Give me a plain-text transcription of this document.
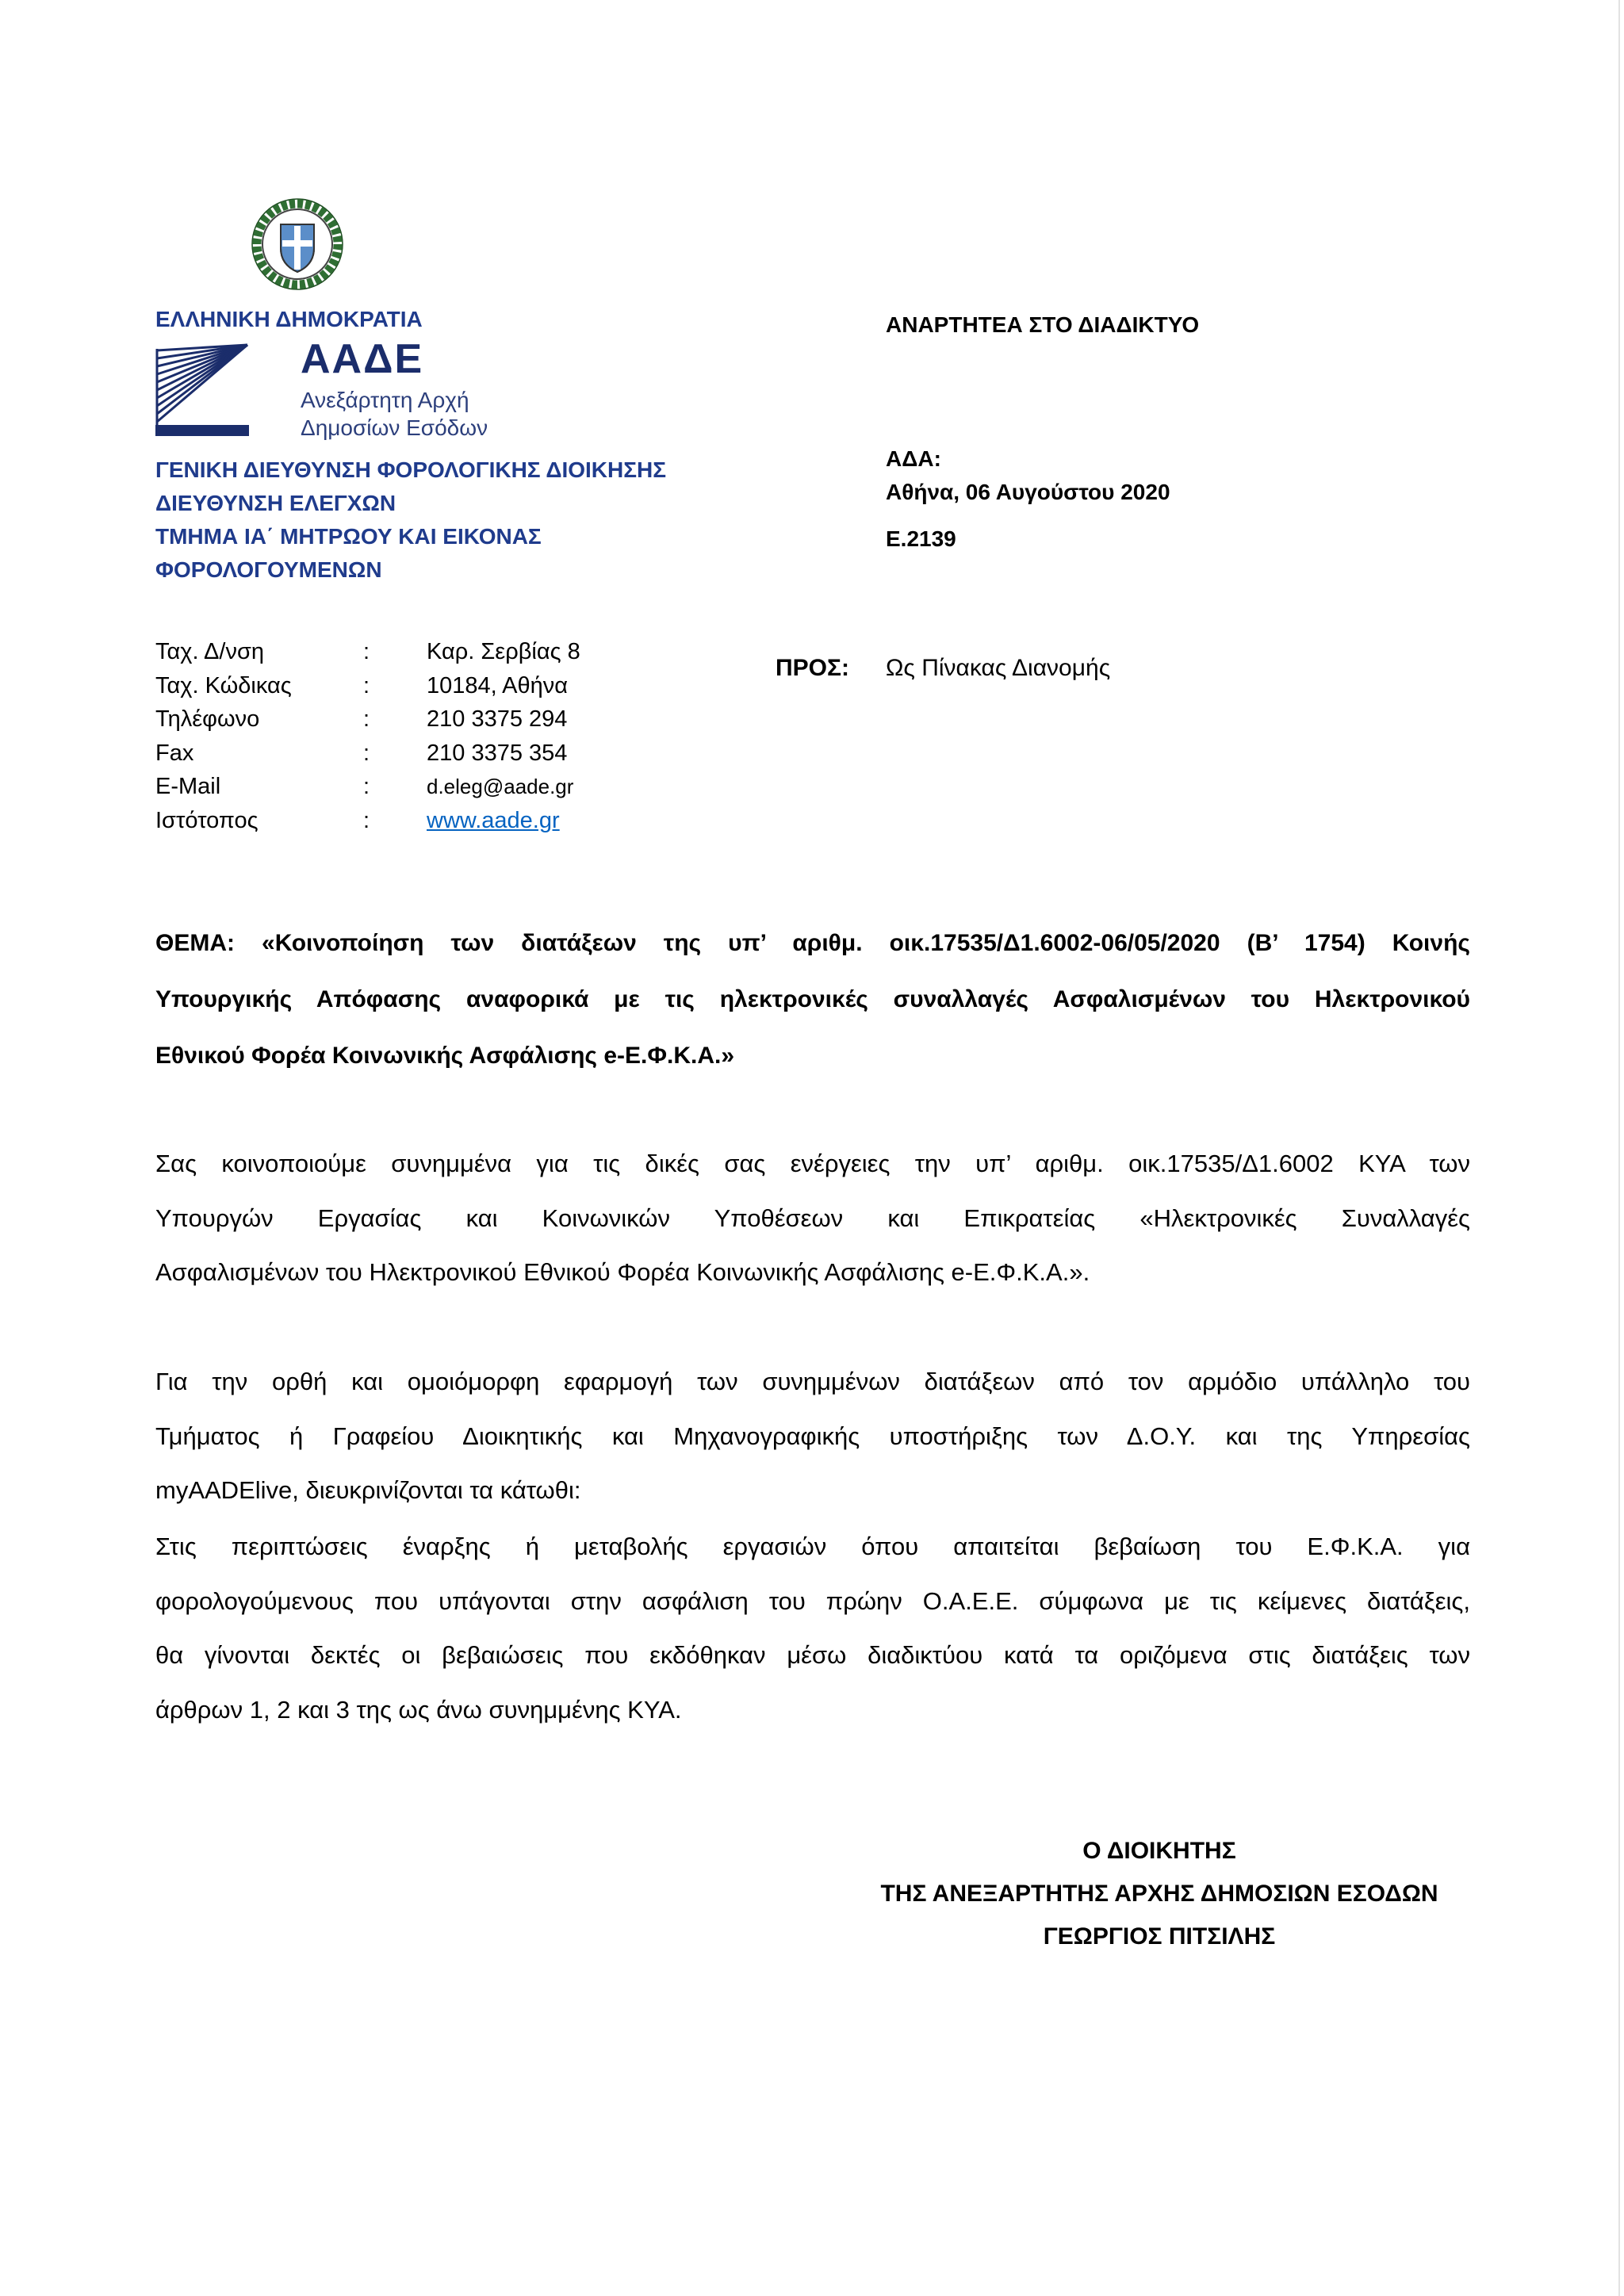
ΕΛΛΗΝΙΚΗ ΔΗΜΟΚΡΑΤΙΑ
ΑΑΔΕ
Ανεξάρτητη Αρχή
Δημοσίων Εσόδων
ΓΕΝΙΚΗ ΔΙΕΥΘΥΝΣΗ ΦΟΡΟΛΟΓΙΚΗΣ ΔΙΟΙΚΗΣΗΣ
ΔΙΕΥΘΥΝΣΗ ΕΛΕΓΧΩΝ
ΤΜΗΜΑ ΙΑ΄ ΜΗΤΡΩΟΥ ΚΑΙ ΕΙΚΟΝΑΣ
ΦΟΡΟΛΟΓΟΥΜΕΝΩΝ
ΑΝΑΡΤΗΤΕΑ ΣΤΟ ΔΙΑΔΙΚΤΥΟ
ΑΔΑ:
Αθήνα, 06 Αυγούστου 2020
Ε.2139
Ταχ. Δ/νση	: Καρ. Σερβίας 8
Ταχ. Κώδικας	: 10184, Αθήνα
Τηλέφωνο	: 210 3375 294
Fax	: 210 3375 354
E-Mail	:	d.eleg@aade.gr
Ιστότοπος	: www.aade.gr
ΠΡΟΣ: Ως Πίνακας Διανομής
ΘΕΜΑ: «Κοινοποίηση των διατάξεων της υπ’ αριθμ. οικ.17535/Δ1.6002-06/05/2020 (Β’ 1754) Κοινής
Υπουργικής Απόφασης αναφορικά με τις ηλεκτρονικές συναλλαγές Ασφαλισμένων του Ηλεκτρονικού
Εθνικού Φορέα Κοινωνικής Ασφάλισης e-Ε.Φ.Κ.Α.»
Σας κοινοποιούμε συνημμένα για τις δικές σας ενέργειες την υπ’ αριθμ. οικ.17535/Δ1.6002 ΚΥΑ των
Υπουργών Εργασίας και Κοινωνικών Υποθέσεων και Επικρατείας «Ηλεκτρονικές Συναλλαγές
Ασφαλισμένων του Ηλεκτρονικού Εθνικού Φορέα Κοινωνικής Ασφάλισης e-Ε.Φ.Κ.Α.».
Για την ορθή και ομοιόμορφη εφαρμογή των συνημμένων διατάξεων από τον αρμόδιο υπάλληλο του
Τμήματος ή Γραφείου Διοικητικής και Μηχανογραφικής υποστήριξης των Δ.Ο.Υ. και της Υπηρεσίας
myAADElive, διευκρινίζονται τα κάτωθι:
Στις περιπτώσεις έναρξης ή μεταβολής εργασιών όπου απαιτείται βεβαίωση του Ε.Φ.Κ.Α. για
φορολογούμενους που υπάγονται στην ασφάλιση του πρώην Ο.Α.Ε.Ε. σύμφωνα με τις κείμενες διατάξεις,
θα γίνονται δεκτές οι βεβαιώσεις που εκδόθηκαν μέσω διαδικτύου κατά τα οριζόμενα στις διατάξεις των
άρθρων 1, 2 και 3 της ως άνω συνημμένης ΚΥΑ.
Ο ΔΙΟΙΚΗΤΗΣ
ΤΗΣ ΑΝΕΞΑΡΤΗΤΗΣ ΑΡΧΗΣ ΔΗΜΟΣΙΩΝ ΕΣΟΔΩΝ
ΓΕΩΡΓΙΟΣ ΠΙΤΣΙΛΗΣ
